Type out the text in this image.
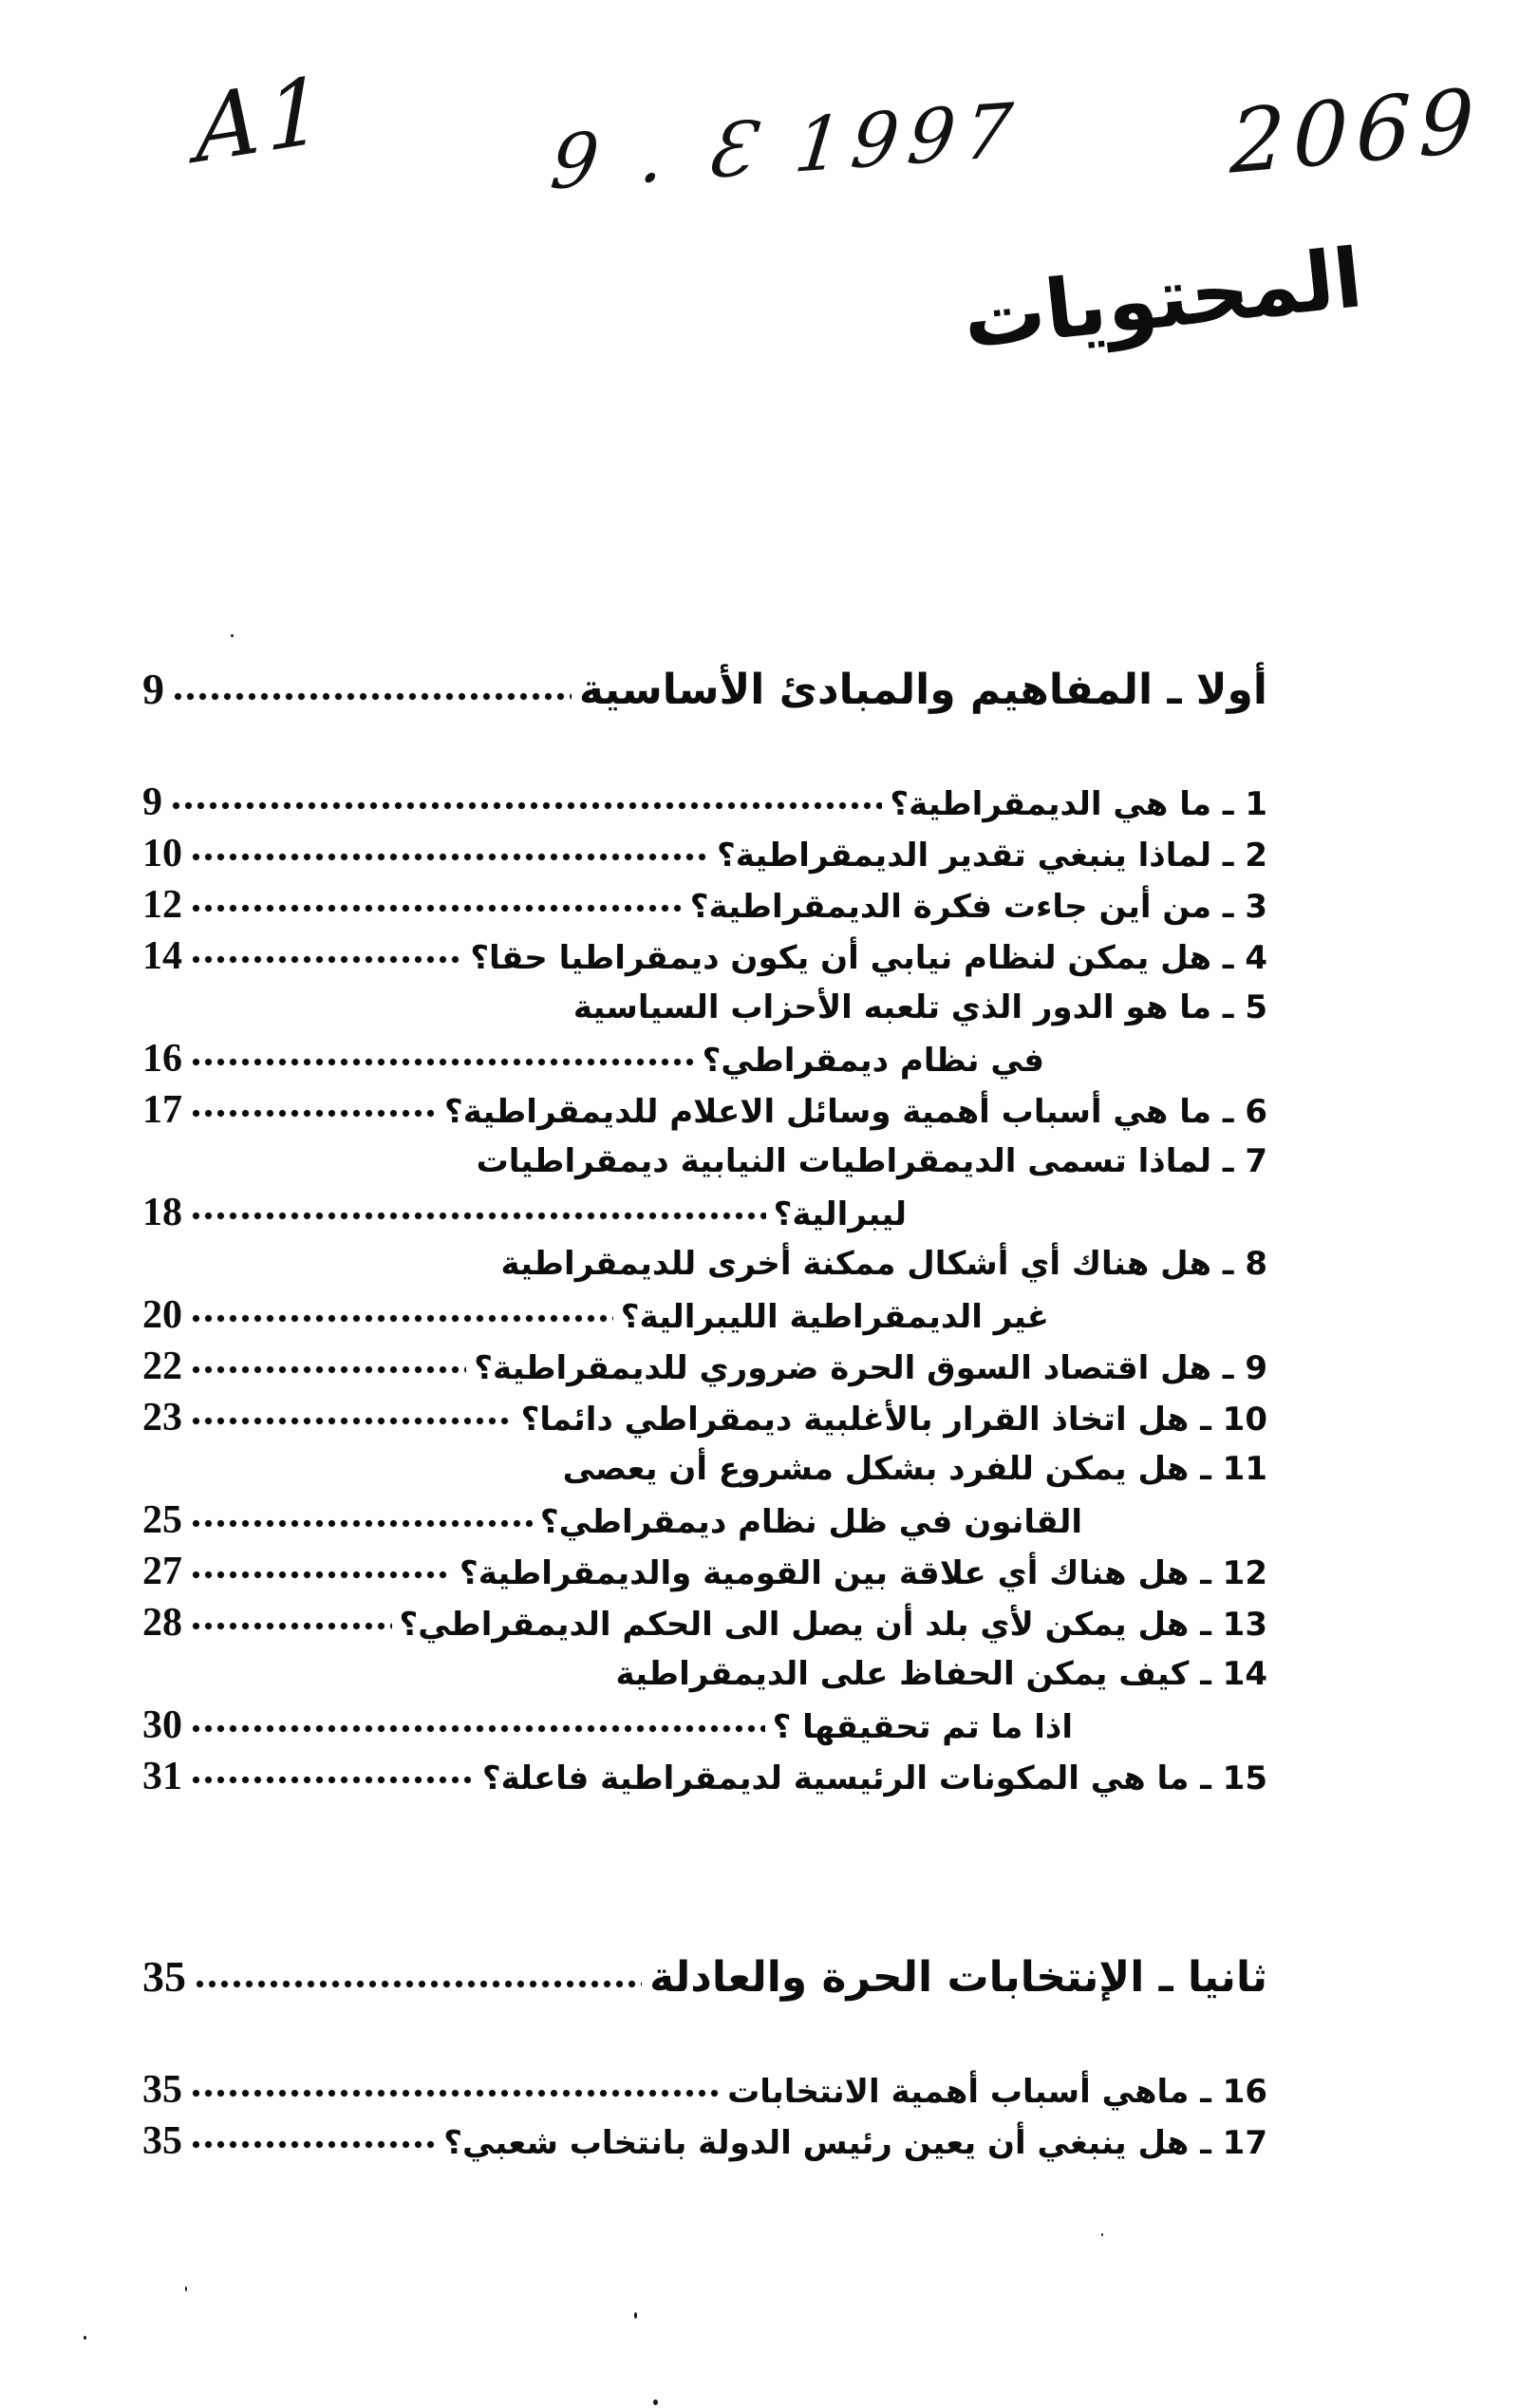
A1	9 . Ɛ 1997 2069
المحتويات
أولا ـ المفاهيم والمبادئ الأساسية
9
1 ـ ما هي الديمقراطية؟
9
2 ـ لماذا ينبغي تقدير الديمقراطية؟
10
3 ـ من أين جاءت فكرة الديمقراطية؟
12
4 ـ هل يمكن لنظام نيابي أن يكون ديمقراطيا حقا؟
14
5 ـ ما هو الدور الذي تلعبه الأحزاب السياسية
في نظام ديمقراطي؟
16
6 ـ ما هي أسباب أهمية وسائل الاعلام للديمقراطية؟
17
7 ـ لماذا تسمى الديمقراطيات النيابية ديمقراطيات
ليبرالية؟
18
8 ـ هل هناك أي أشكال ممكنة أخرى للديمقراطية
غير الديمقراطية الليبرالية؟
20
9 ـ هل اقتصاد السوق الحرة ضروري للديمقراطية؟
22
10 ـ هل اتخاذ القرار بالأغلبية ديمقراطي دائما؟
23
11 ـ هل يمكن للفرد بشكل مشروع أن يعصى
القانون في ظل نظام ديمقراطي؟
25
12 ـ هل هناك أي علاقة بين القومية والديمقراطية؟
27
13 ـ هل يمكن لأي بلد أن يصل الى الحكم الديمقراطي؟
28
14 ـ كيف يمكن الحفاظ على الديمقراطية
اذا ما تم تحقيقها ؟
30
15 ـ ما هي المكونات الرئيسية لديمقراطية فاعلة؟
31
ثانيا ـ الإنتخابات الحرة والعادلة
35
16 ـ ماهي أسباب أهمية الانتخابات
35
17 ـ هل ينبغي أن يعين رئيس الدولة بانتخاب شعبي؟
35
